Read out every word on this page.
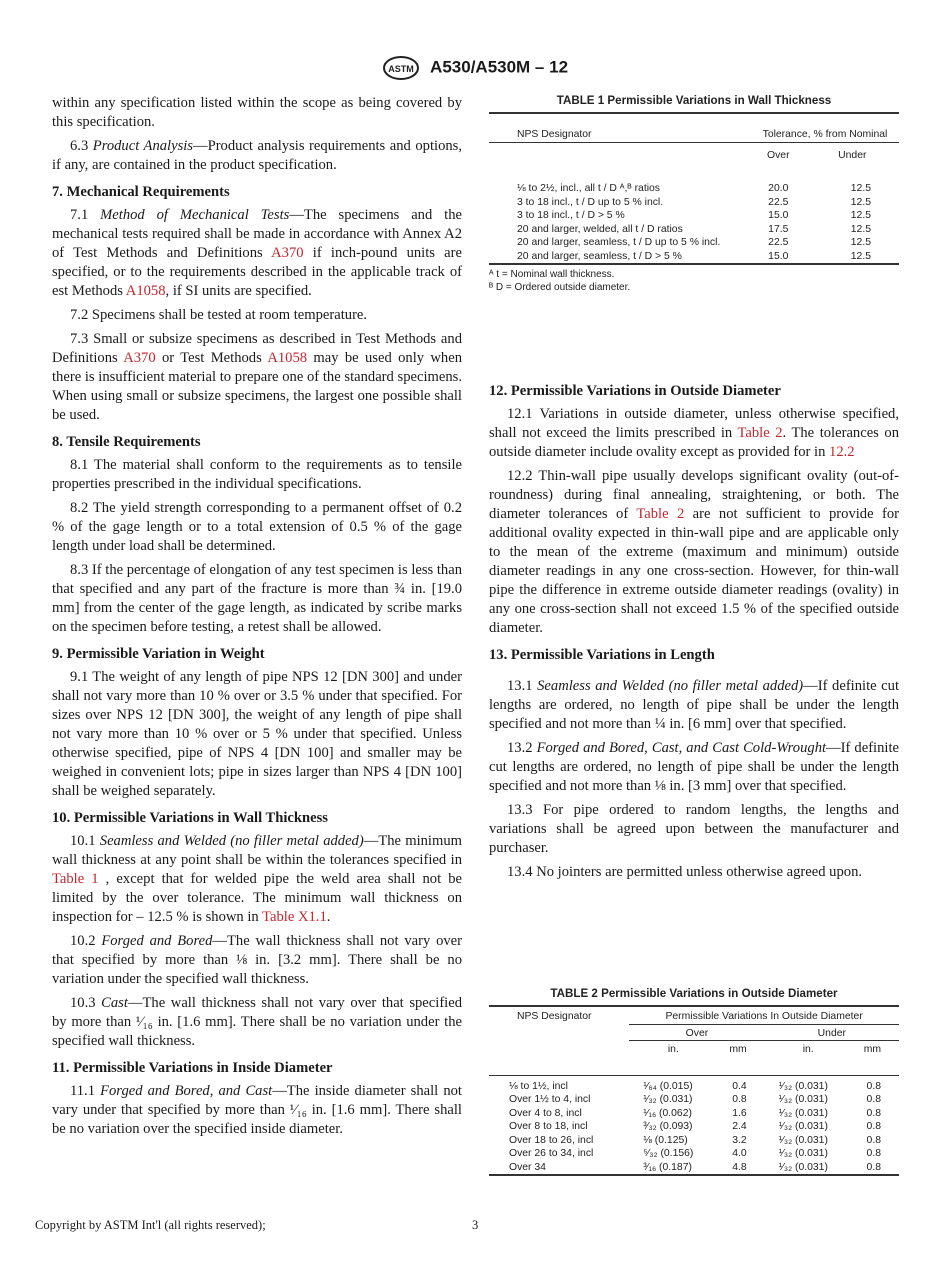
ASTM A530/A530M – 12

within any specification listed within the scope as being covered by this specification.

6.3 Product Analysis—Product analysis requirements and options, if any, are contained in the product specification.

7. Mechanical Requirements

7.1 Method of Mechanical Tests—The specimens and the mechanical tests required shall be made in accordance with Annex A2 of Test Methods and Definitions A370 if inch-pound units are specified, or to the requirements described in the applicable track of est Methods A1058, if SI units are specified.

7.2 Specimens shall be tested at room temperature.

7.3 Small or subsize specimens as described in Test Methods and Definitions A370 or Test Methods A1058 may be used only when there is insufficient material to prepare one of the standard specimens. When using small or subsize specimens, the largest one possible shall be used.

8. Tensile Requirements

8.1 The material shall conform to the requirements as to tensile properties prescribed in the individual specifications.

8.2 The yield strength corresponding to a permanent offset of 0.2 % of the gage length or to a total extension of 0.5 % of the gage length under load shall be determined.

8.3 If the percentage of elongation of any test specimen is less than that specified and any part of the fracture is more than ¾ in. [19.0 mm] from the center of the gage length, as indicated by scribe marks on the specimen before testing, a retest shall be allowed.

9. Permissible Variation in Weight

9.1 The weight of any length of pipe NPS 12 [DN 300] and under shall not vary more than 10 % over or 3.5 % under that specified. For sizes over NPS 12 [DN 300], the weight of any length of pipe shall not vary more than 10 % over or 5 % under that specified. Unless otherwise specified, pipe of NPS 4 [DN 100] and smaller may be weighed in convenient lots; pipe in sizes larger than NPS 4 [DN 100] shall be weighed separately.

10. Permissible Variations in Wall Thickness

10.1 Seamless and Welded (no filler metal added)—The minimum wall thickness at any point shall be within the tolerances specified in Table 1 , except that for welded pipe the weld area shall not be limited by the over tolerance. The minimum wall thickness on inspection for – 12.5 % is shown in Table X1.1.

10.2 Forged and Bored—The wall thickness shall not vary over that specified by more than ⅛ in. [3.2 mm]. There shall be no variation under the specified wall thickness.

10.3 Cast—The wall thickness shall not vary over that specified by more than ¹⁄₁₆ in. [1.6 mm]. There shall be no variation under the specified wall thickness.

11. Permissible Variations in Inside Diameter

11.1 Forged and Bored, and Cast—The inside diameter shall not vary under that specified by more than ¹⁄₁₆ in. [1.6 mm]. There shall be no variation over the specified inside diameter.

TABLE 1 Permissible Variations in Wall Thickness
NPS Designator	Tolerance, % from Nominal	
	Over	Under
⅛ to 2½, incl., all t / D ᴬ,ᴮ ratios	20.0	12.5
3 to 18 incl., t / D up to 5 % incl.	22.5	12.5
3 to 18 incl., t / D > 5 %	15.0	12.5
20 and larger, welded, all t / D ratios	17.5	12.5
20 and larger, seamless, t / D up to 5 % incl.	22.5	12.5
20 and larger, seamless, t / D > 5 %	15.0	12.5
ᴬ t = Nominal wall thickness.
ᴮ D = Ordered outside diameter.
12. Permissible Variations in Outside Diameter

12.1 Variations in outside diameter, unless otherwise specified, shall not exceed the limits prescribed in Table 2. The tolerances on outside diameter include ovality except as provided for in 12.2

12.2 Thin-wall pipe usually develops significant ovality (out-of-roundness) during final annealing, straightening, or both. The diameter tolerances of Table 2 are not sufficient to provide for additional ovality expected in thin-wall pipe and are applicable only to the mean of the extreme (maximum and minimum) outside diameter readings in any one cross-section. However, for thin-wall pipe the difference in extreme outside diameter readings (ovality) in any one cross-section shall not exceed 1.5 % of the specified outside diameter.

13. Permissible Variations in Length

13.1 Seamless and Welded (no filler metal added)—If definite cut lengths are ordered, no length of pipe shall be under the length specified and not more than ¼ in. [6 mm] over that specified.

13.2 Forged and Bored, Cast, and Cast Cold-Wrought—If definite cut lengths are ordered, no length of pipe shall be under the length specified and not more than ⅛ in. [3 mm] over that specified.

13.3 For pipe ordered to random lengths, the lengths and variations shall be agreed upon between the manufacturer and purchaser.

13.4 No jointers are permitted unless otherwise agreed upon.

TABLE 2 Permissible Variations in Outside Diameter
NPS Designator	Permissible Variations In Outside Diameter			
	Over		Under	
	in.	mm	in.	mm
⅛ to 1½, incl	¹⁄₆₄ (0.015)	0.4	¹⁄₃₂ (0.031)	0.8
Over 1½ to 4, incl	¹⁄₃₂ (0.031)	0.8	¹⁄₃₂ (0.031)	0.8
Over 4 to 8, incl	¹⁄₁₆ (0.062)	1.6	¹⁄₃₂ (0.031)	0.8
Over 8 to 18, incl	³⁄₃₂ (0.093)	2.4	¹⁄₃₂ (0.031)	0.8
Over 18 to 26, incl	⅛ (0.125)	3.2	¹⁄₃₂ (0.031)	0.8
Over 26 to 34, incl	⁵⁄₃₂ (0.156)	4.0	¹⁄₃₂ (0.031)	0.8
Over 34	³⁄₁₆ (0.187)	4.8	¹⁄₃₂ (0.031)	0.8
Copyright by ASTM Int'l (all rights reserved);	3
